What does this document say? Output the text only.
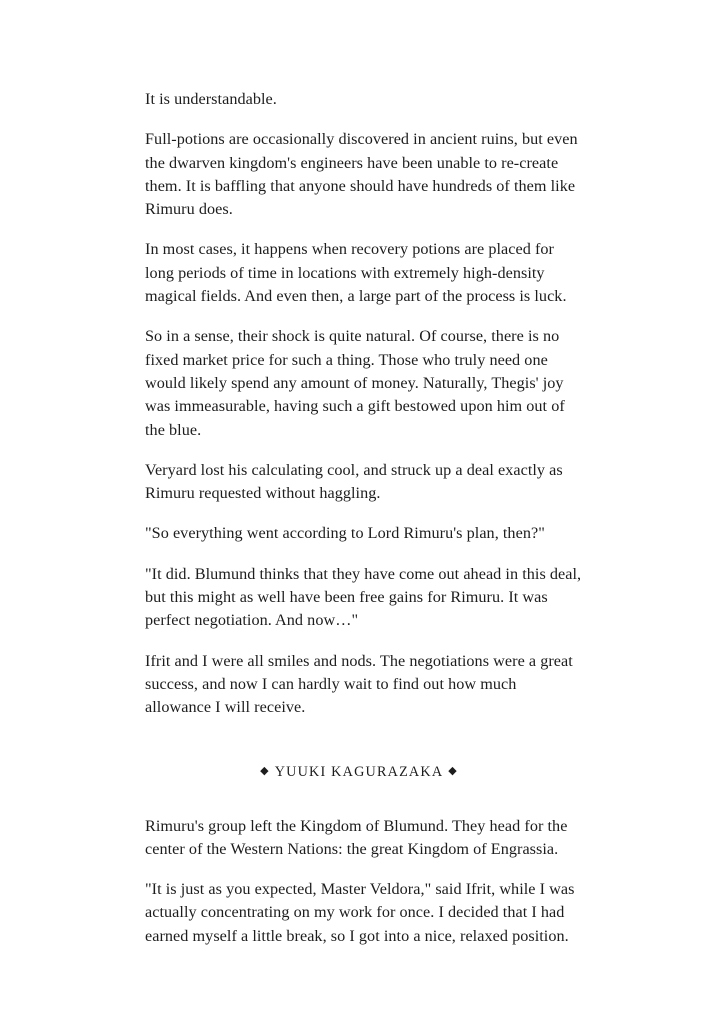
It is understandable.

Full-potions are occasionally discovered in ancient ruins, but even the dwarven kingdom's engineers have been unable to re-create them. It is baffling that anyone should have hundreds of them like Rimuru does.

In most cases, it happens when recovery potions are placed for long periods of time in locations with extremely high-density magical fields. And even then, a large part of the process is luck.

So in a sense, their shock is quite natural. Of course, there is no fixed market price for such a thing. Those who truly need one would likely spend any amount of money. Naturally, Thegis' joy was immeasurable, having such a gift bestowed upon him out of the blue.

Veryard lost his calculating cool, and struck up a deal exactly as Rimuru requested without haggling.

"So everything went according to Lord Rimuru's plan, then?"

"It did. Blumund thinks that they have come out ahead in this deal, but this might as well have been free gains for Rimuru. It was perfect negotiation. And now…"

Ifrit and I were all smiles and nods. The negotiations were a great success, and now I can hardly wait to find out how much allowance I will receive.

◆ YUUKI KAGURAZAKA ◆

Rimuru's group left the Kingdom of Blumund. They head for the center of the Western Nations: the great Kingdom of Engrassia.

"It is just as you expected, Master Veldora," said Ifrit, while I was actually concentrating on my work for once. I decided that I had earned myself a little break, so I got into a nice, relaxed position.
